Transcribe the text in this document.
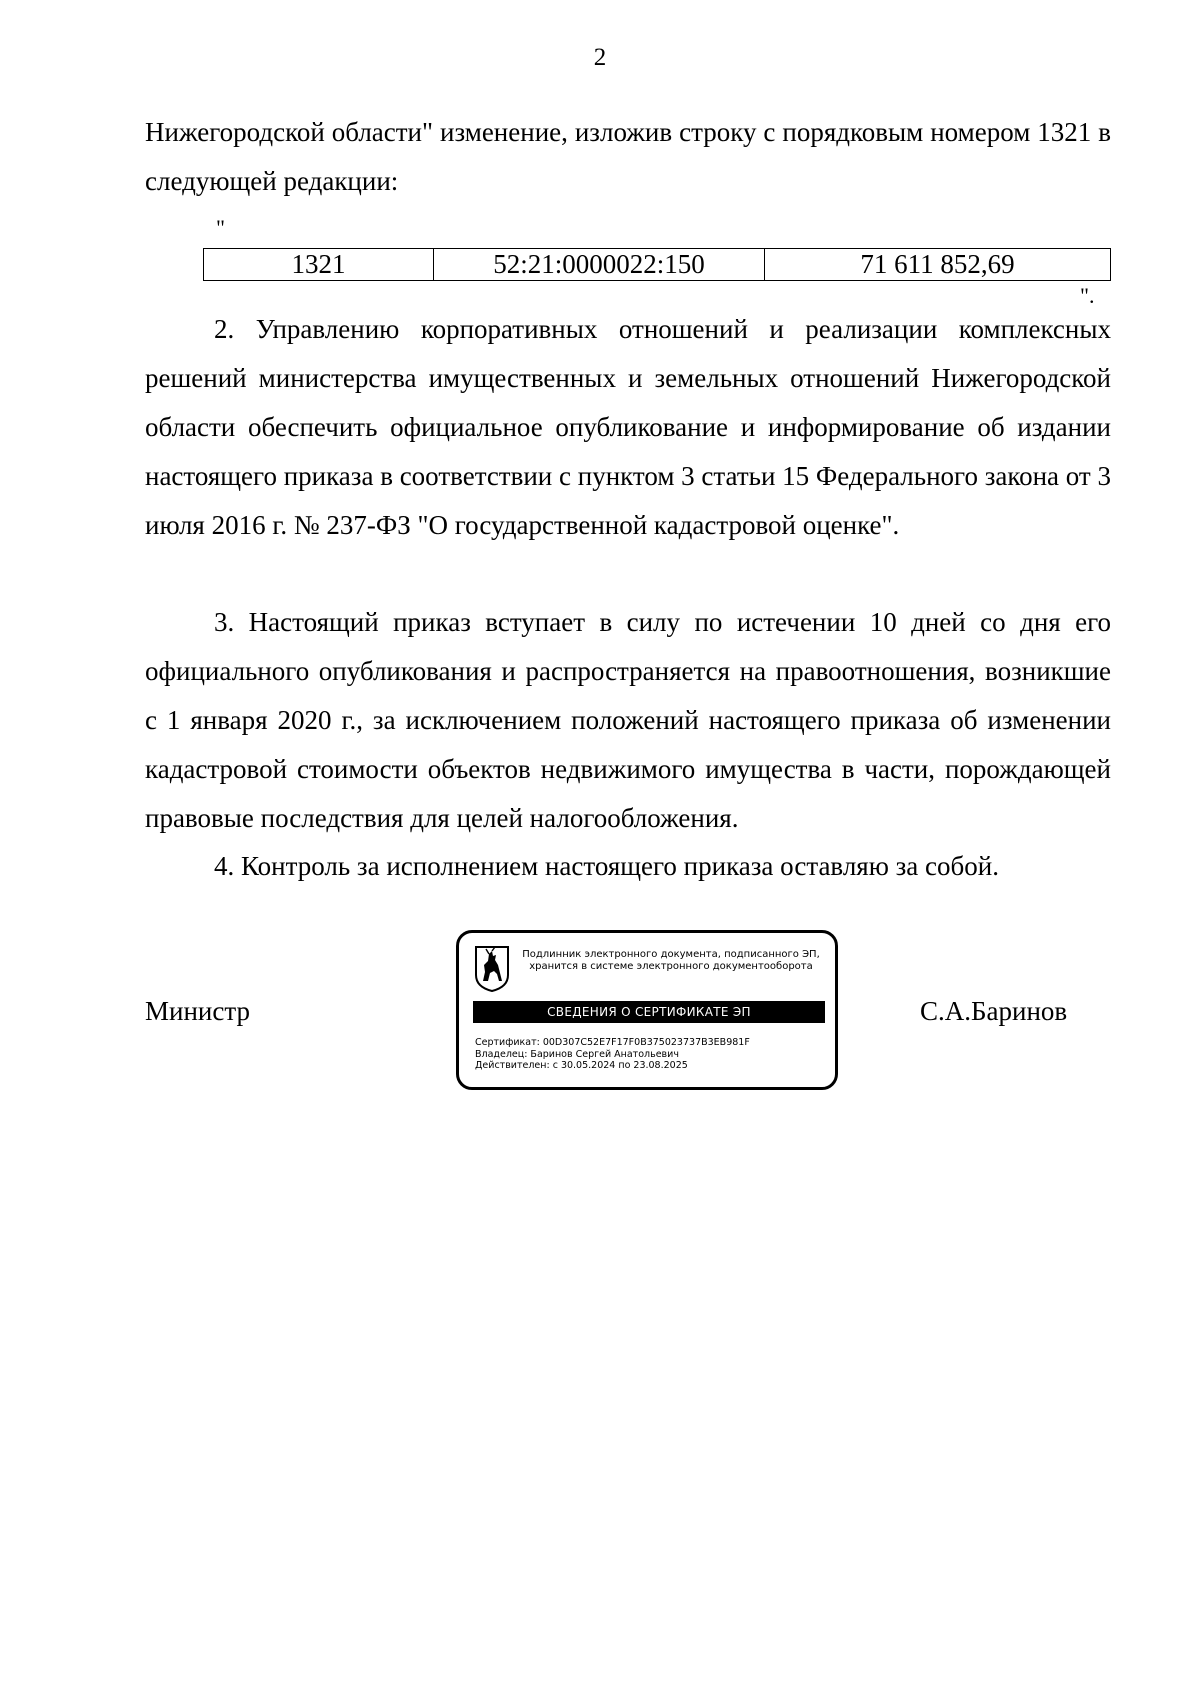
2

Нижегородской области" изменение, изложив строку с порядковым номером 1321 в следующей редакции:

"
1321	52:21:0000022:150	71 611 852,69
".

2. Управлению корпоративных отношений и реализации комплексных решений министерства имущественных и земельных отношений Нижегородской области обеспечить официальное опубликование и информирование об издании настоящего приказа в соответствии с пунктом 3 статьи 15 Федерального закона от 3 июля 2016 г. № 237-ФЗ "О государственной кадастровой оценке".

3. Настоящий приказ вступает в силу по истечении 10 дней со дня его официального опубликования и распространяется на правоотношения, возникшие с 1 января 2020 г., за исключением положений настоящего приказа об изменении кадастровой стоимости объектов недвижимого имущества в части, порождающей правовые последствия для целей налогообложения.

4. Контроль за исполнением настоящего приказа оставляю за собой.

Министр
Подлинник электронного документа, подписанного ЭП,
хранится в системе электронного документооборота
СВЕДЕНИЯ О СЕРТИФИКАТЕ ЭП
Сертификат: 00D307C52E7F17F0B375023737B3EB981F
Владелец: Баринов Сергей Анатольевич
Действителен: с 30.05.2024 по 23.08.2025
С.А.Баринов
